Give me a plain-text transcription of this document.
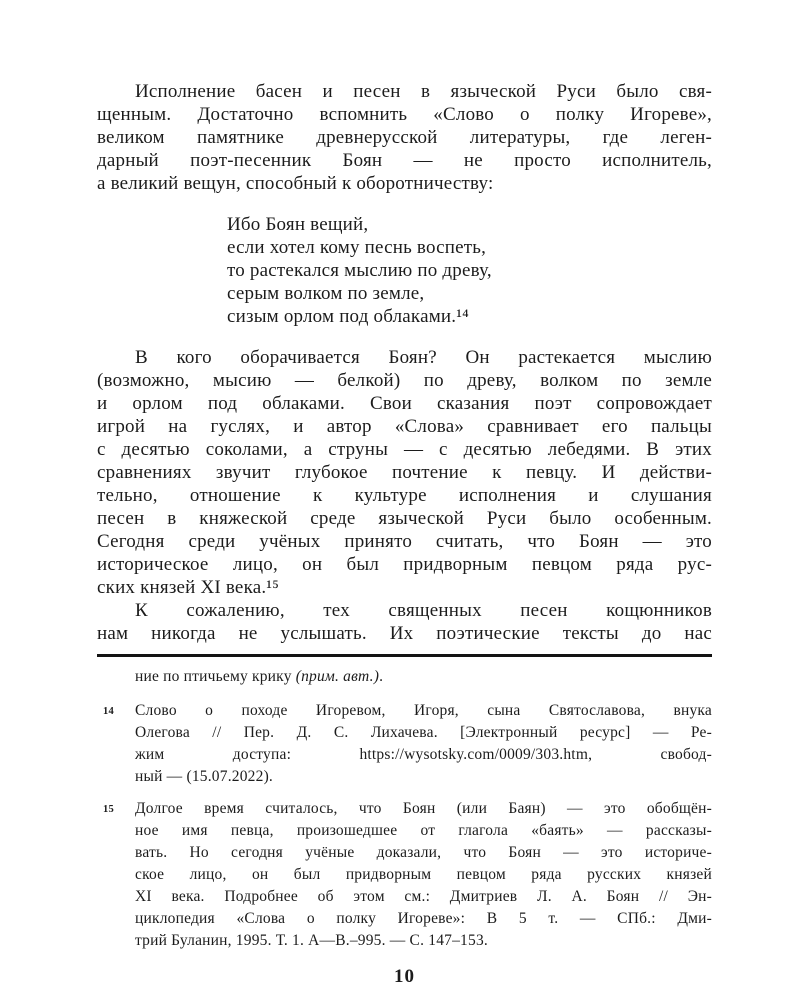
Исполнение басен и песен в языческой Руси было свя-
щенным. Достаточно вспомнить «Слово о полку Игореве»,
великом памятнике древнерусской литературы, где леген-
дарный поэт-песенник Боян — не просто исполнитель,
а великий вещун, способный к оборотничеству:
Ибо Боян вещий,
если хотел кому песнь воспеть,
то растекался мыслию по древу,
серым волком по земле,
сизым орлом под облаками.¹⁴
В кого оборачивается Боян? Он растекается мыслию
(возможно, мысию — белкой) по древу, волком по земле
и орлом под облаками. Свои сказания поэт сопровождает
игрой на гуслях, и автор «Слова» сравнивает его пальцы
с десятью соколами, а струны — с десятью лебедями. В этих
сравнениях звучит глубокое почтение к певцу. И действи-
тельно, отношение к культуре исполнения и слушания
песен в княжеской среде языческой Руси было особенным.
Сегодня среди учёных принято считать, что Боян — это
историческое лицо, он был придворным певцом ряда рус-
ских князей XI века.¹⁵
К сожалению, тех священных песен кощюнников
нам никогда не услышать. Их поэтические тексты до нас
ние по птичьему крику (прим. авт.).
14 Слово о походе Игоревом, Игоря, сына Святославова, внука
Олегова // Пер. Д. С. Лихачева. [Электронный ресурс] — Ре-
жим доступа: https://wysotsky.com/0009/303.htm, свобод-
ный — (15.07.2022).
15 Долгое время считалось, что Боян (или Баян) — это обобщён-
ное имя певца, произошедшее от глагола «баять» — рассказы-
вать. Но сегодня учёные доказали, что Боян — это историче-
ское лицо, он был придворным певцом ряда русских князей
XI века. Подробнее об этом см.: Дмитриев Л. А. Боян // Эн-
циклопедия «Слова о полку Игореве»: В 5 т. — СПб.: Дми-
трий Буланин, 1995. Т. 1. А—В.–995. — С. 147–153.
10
